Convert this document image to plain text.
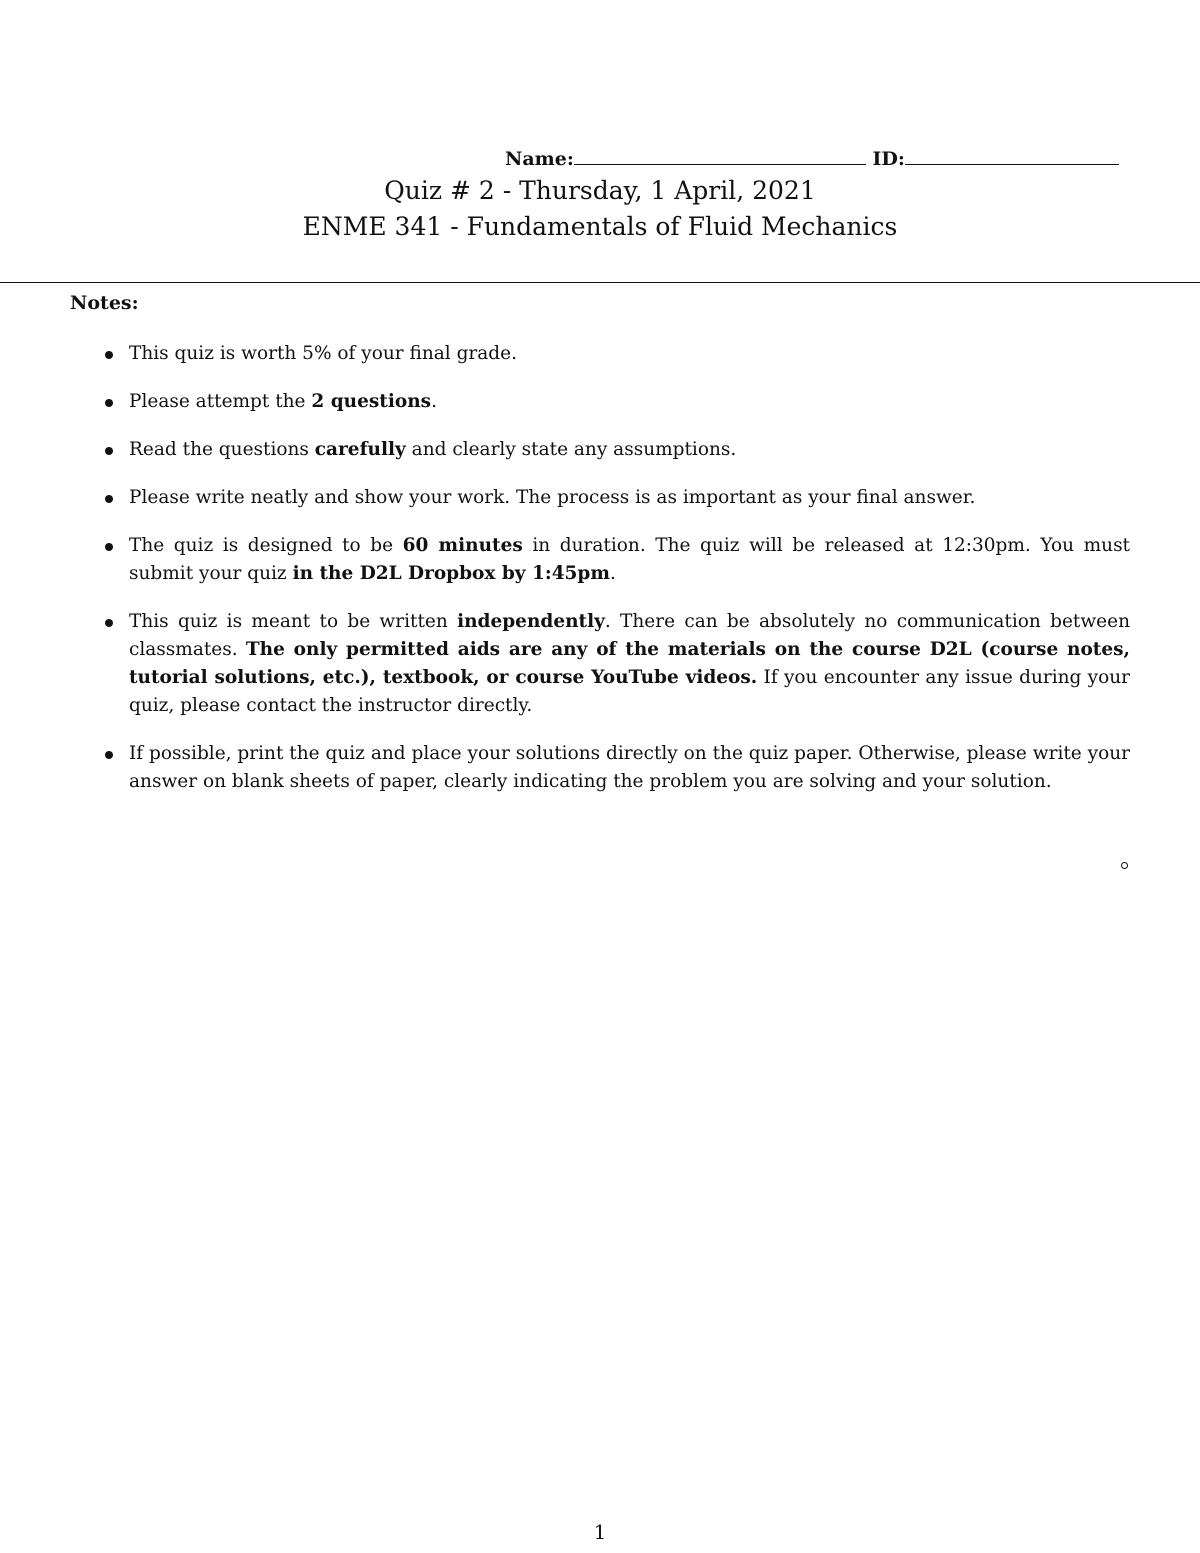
Name:	ID:
Quiz # 2 - Thursday, 1 April, 2021
ENME 341 - Fundamentals of Fluid Mechanics
Notes:
This quiz is worth 5% of your final grade.
Please attempt the 2 questions.
Read the questions carefully and clearly state any assumptions.
Please write neatly and show your work. The process is as important as your final answer.
The quiz is designed to be 60 minutes in duration. The quiz will be released at 12:30pm. You must submit your quiz in the D2L Dropbox by 1:45pm.
This quiz is meant to be written independently. There can be absolutely no communication between classmates. The only permitted aids are any of the materials on the course D2L (course notes, tutorial solutions, etc.), textbook, or course YouTube videos. If you encounter any issue during your quiz, please contact the instructor directly.
If possible, print the quiz and place your solutions directly on the quiz paper. Otherwise, please write your answer on blank sheets of paper, clearly indicating the problem you are solving and your solution.
1
